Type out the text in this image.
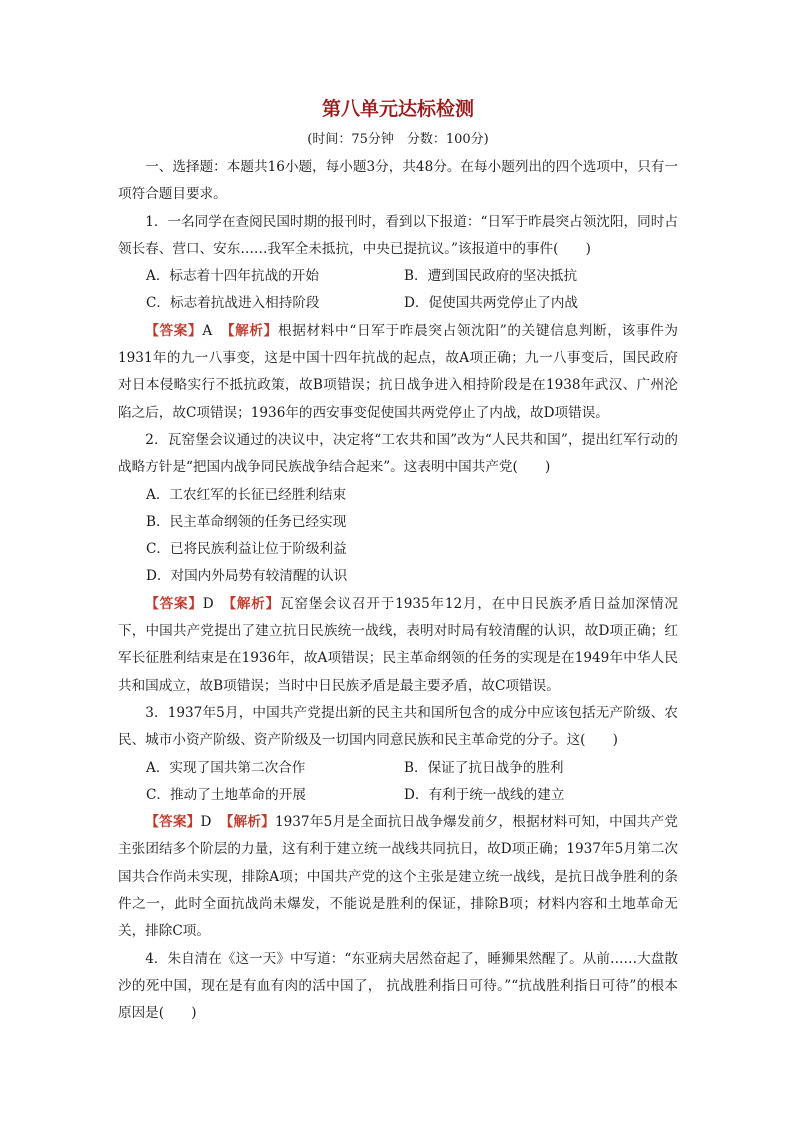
第八单元达标检测
(时间：75分钟　分数：100分)

一、选择题：本题共16小题，每小题3分，共48分。在每小题列出的四个选项中，只有一项符合题目要求。

1．一名同学在查阅民国时期的报刊时，看到以下报道：“日军于昨晨突占领沈阳，同时占领长春、营口、安东……我军全未抵抗，中央已提抗议。”该报道中的事件(　　)

A．标志着十四年抗战的开始	B．遭到国民政府的坚决抵抗
C．标志着抗战进入相持阶段	D．促使国共两党停止了内战

【答案】A 【解析】根据材料中“日军于昨晨突占领沈阳”的关键信息判断，该事件为1931年的九一八事变，这是中国十四年抗战的起点，故A项正确；九一八事变后，国民政府对日本侵略实行不抵抗政策，故B项错误；抗日战争进入相持阶段是在1938年武汉、广州沦陷之后，故C项错误；1936年的西安事变促使国共两党停止了内战，故D项错误。

2．瓦窑堡会议通过的决议中，决定将“工农共和国”改为“人民共和国”，提出红军行动的战略方针是“把国内战争同民族战争结合起来”。这表明中国共产党(　　)

A．工农红军的长征已经胜利结束
B．民主革命纲领的任务已经实现
C．已将民族利益让位于阶级利益
D．对国内外局势有较清醒的认识

【答案】D 【解析】瓦窑堡会议召开于1935年12月，在中日民族矛盾日益加深情况下，中国共产党提出了建立抗日民族统一战线，表明对时局有较清醒的认识，故D项正确；红军长征胜利结束是在1936年，故A项错误；民主革命纲领的任务的实现是在1949年中华人民共和国成立，故B项错误；当时中日民族矛盾是最主要矛盾，故C项错误。

3．1937年5月，中国共产党提出新的民主共和国所包含的成分中应该包括无产阶级、农民、城市小资产阶级、资产阶级及一切国内同意民族和民主革命党的分子。这(　　)

A．实现了国共第二次合作	B．保证了抗日战争的胜利
C．推动了土地革命的开展	D．有利于统一战线的建立

【答案】D 【解析】1937年5月是全面抗日战争爆发前夕，根据材料可知，中国共产党主张团结多个阶层的力量，这有利于建立统一战线共同抗日，故D项正确；1937年5月第二次国共合作尚未实现，排除A项；中国共产党的这个主张是建立统一战线，是抗日战争胜利的条件之一，此时全面抗战尚未爆发，不能说是胜利的保证，排除B项；材料内容和土地革命无关，排除C项。

4．朱自清在《这一天》中写道：“东亚病夫居然奋起了，睡狮果然醒了。从前……大盘散沙的死中国，现在是有血有肉的活中国了， 抗战胜利指日可待。”“抗战胜利指日可待”的根本原因是(　　)
